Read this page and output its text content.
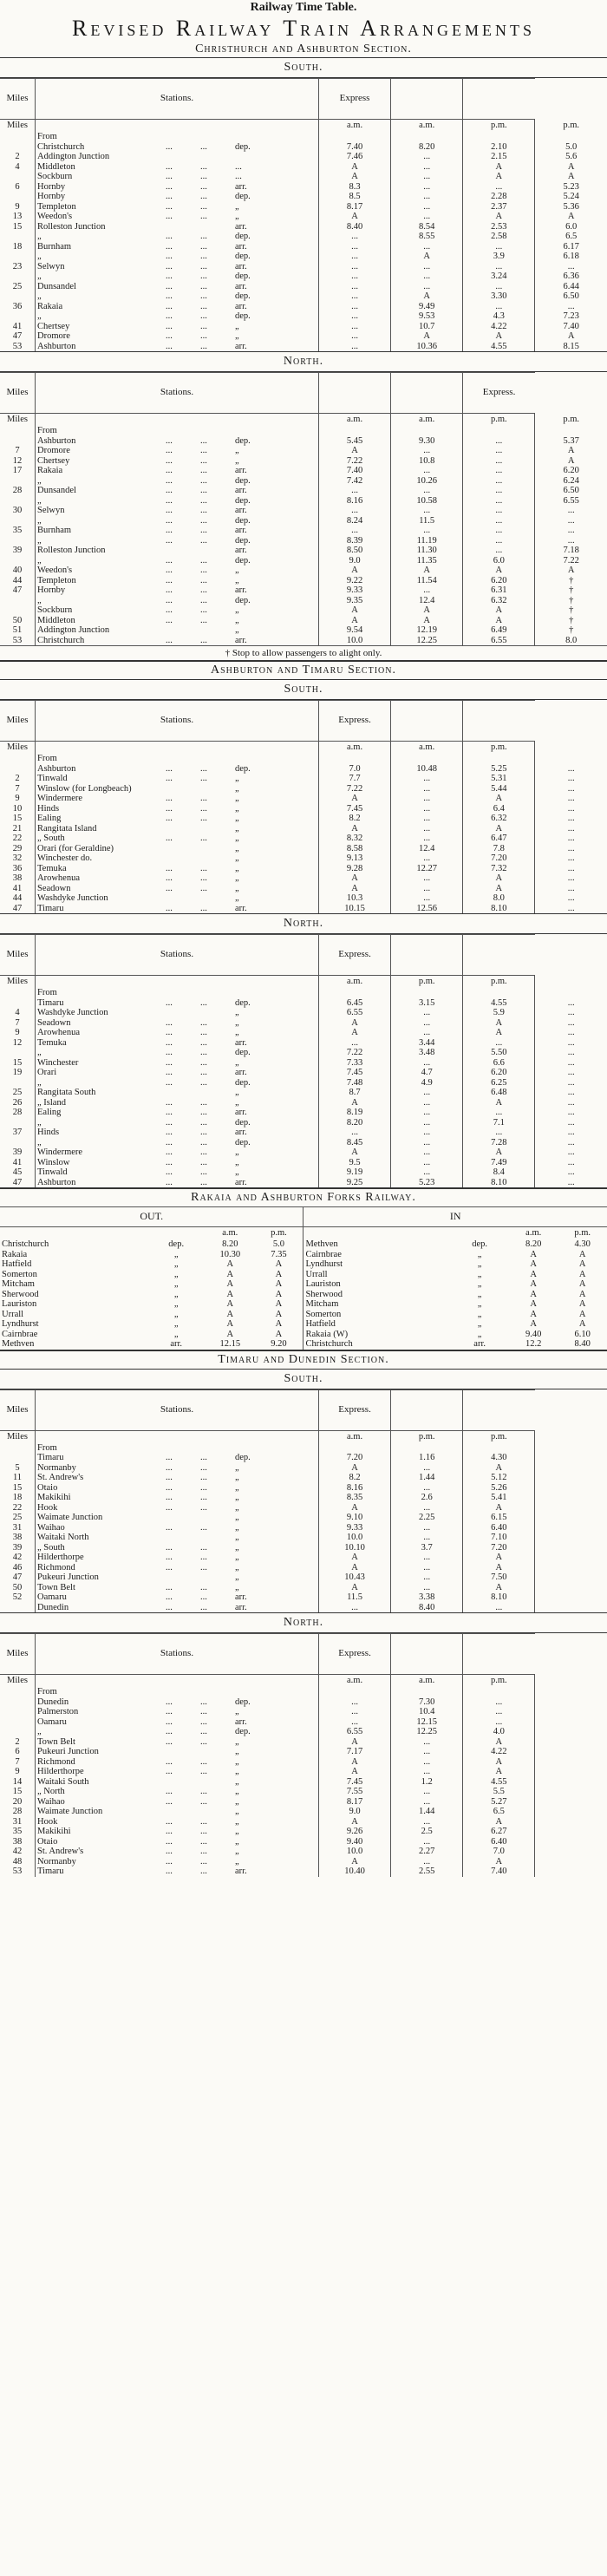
Railway Time Table.
Revised Railway Train Arrangements
Christhurch and Ashburton Section.
South.
Miles	Stations.	Express			
Miles		a.m.	a.m.	p.m.	p.m.

	From				

	Christchurch ... ... dep.	7.40	8.20	2.10	5.0
2	Addington Junction	7.46	...	2.15	5.6
4	Middleton ... ... ...	A	...	A	A

	Sockburn ... ... ...	A	...	A	A
6	Hornby ... ... arr.	8.3	...	...	5.23

	Hornby ... ... dep.	8.5	...	2.28	5.24
9	Templeton ... ... „	8.17	...	2.37	5.36
13	Weedon's ... ... „	A	...	A	A
15	Rolleston Junction arr.	8.40	8.54	2.53	6.0

	„ ... ... dep.	...	8.55	2.58	6.5
18	Burnham ... ... arr.	...	...	...	6.17

	„ ... ... dep.	...	A	3.9	6.18
23	Selwyn ... ... arr.	...	...	...	...

	„ ... ... dep.	...	...	3.24	6.36
25	Dunsandel ... ... arr.	...	...	...	6.44

	„ ... ... dep.	...	A	3.30	6.50
36	Rakaia ... ... arr.	...	9.49	...	...

	„ ... ... dep.	...	9.53	4.3	7.23
41	Chertsey ... ... „	...	10.7	4.22	7.40
47	Dromore ... ... „	...	A	A	A
53	Ashburton ... ... arr.	...	10.36	4.55	8.15
North.
Miles	Stations.			Express.	
Miles		a.m.	a.m.	p.m.	p.m.

	From				

	Ashburton ... ... dep.	5.45	9.30	...	5.37
7	Dromore ... ... „	A	...	...	A
12	Chertsey ... ... „	7.22	10.8	...	A
17	Rakaia ... ... arr.	7.40	...	...	6.20

	„ ... ... dep.	7.42	10.26	...	6.24
28	Dunsandel ... ... arr.	...	...	...	6.50

	„ ... ... dep.	8.16	10.58	...	6.55
30	Selwyn ... ... arr.	...	...	...	...

	„ ... ... dep.	8.24	11.5	...	...
35	Burnham ... ... arr.	...	...	...	...

	„ ... ... dep.	8.39	11.19	...	...
39	Rolleston Junction arr.	8.50	11.30	...	7.18

	„ ... ... dep.	9.0	11.35	6.0	7.22
40	Weedon's ... ... „	A	A	A	A
44	Templeton ... ... „	9.22	11.54	6.20	†
47	Hornby ... ... arr.	9.33	...	6.31	†

	„ ... ... dep.	9.35	12.4	6.32	†

	Sockburn ... ... „	A	A	A	†
50	Middleton ... ... „	A	A	A	†
51	Addington Junction „	9.54	12.19	6.49	†
53	Christchurch ... ... arr.	10.0	12.25	6.55	8.0
† Stop to allow passengers to alight only.
Ashburton and Timaru Section.
South.
Miles	Stations.	Express.			
Miles		a.m.	a.m.	p.m.	

	From				

	Ashburton ... ... dep.	7.0	10.48	5.25	...
2	Tinwald ... ... „	7.7	...	5.31	...
7	Winslow (for Longbeach) „	7.22	...	5.44	...
9	Windermere ... ... „	A	...	A	...
10	Hinds ... ... „	7.45	...	6.4	...
15	Ealing ... ... „	8.2	...	6.32	...
21	Rangitata Island „	A	...	A	...
22	„ South ... ... „	8.32	...	6.47	...
29	Orari (for Geraldine) „	8.58	12.4	7.8	...
32	Winchester do. „	9.13	...	7.20	...
36	Temuka ... ... „	9.28	12.27	7.32	...
38	Arowhenua ... ... „	A	...	A	...
41	Seadown ... ... „	A	...	A	...
44	Washdyke Junction „	10.3	...	8.0	...
47	Timaru ... ... arr.	10.15	12.56	8.10	...
North.
Miles	Stations.	Express.			
Miles		a.m.	p.m.	p.m.	

	From				

	Timaru ... ... dep.	6.45	3.15	4.55	...
4	Washdyke Junction „	6.55	...	5.9	...
7	Seadown ... ... „	A	...	A	...
9	Arowhenua ... ... „	A	...	A	...
12	Temuka ... ... arr.	...	3.44	...	...

	„ ... ... dep.	7.22	3.48	5.50	...
15	Winchester ... ... „	7.33	...	6.6	...
19	Orari ... ... arr.	7.45	4.7	6.20	...

	„ ... ... dep.	7.48	4.9	6.25	...
25	Rangitata South „	8.7	...	6.48	...
26	„ Island ... ... „	A	...	A	...
28	Ealing ... ... arr.	8.19	...	...	...

	„ ... ... dep.	8.20	...	7.1	...
37	Hinds ... ... arr.	...	...	...	...

	„ ... ... dep.	8.45	...	7.28	...
39	Windermere ... ... „	A	...	A	...
41	Winslow ... ... „	9.5	...	7.49	...
45	Tinwald ... ... „	9.19	...	8.4	...
47	Ashburton ... ... arr.	9.25	5.23	8.10	...
Rakaia and Ashburton Forks Railway.
OUT.				IN			
		a.m.	p.m.			a.m.	p.m.
Christchurch	dep.	8.20	5.0	Methven	dep.	8.20	4.30
Rakaia	„	10.30	7.35	Cairnbrae	„	A	A
Hatfield	„	A	A	Lyndhurst	„	A	A
Somerton	„	A	A	Urrall	„	A	A
Mitcham	„	A	A	Lauriston	„	A	A
Sherwood	„	A	A	Sherwood	„	A	A
Lauriston	„	A	A	Mitcham	„	A	A
Urrall	„	A	A	Somerton	„	A	A
Lyndhurst	„	A	A	Hatfield	„	A	A
Cairnbrae	„	A	A	Rakaia (W)	„	9.40	6.10
Methven	arr.	12.15	9.20	Christchurch	arr.	12.2	8.40
Timaru and Dunedin Section.
South.
Miles	Stations.	Express.			
Miles		a.m.	p.m.	p.m.	

	From				

	Timaru ... ... dep.	7.20	1.16	4.30	
5	Normanby ... ... „	A	...	A	
11	St. Andrew's ... ... „	8.2	1.44	5.12	
15	Otaio ... ... „	8.16	...	5.26	
18	Makikihi ... ... „	8.35	2.6	5.41	
22	Hook ... ... „	A	...	A	
25	Waimate Junction „	9.10	2.25	6.15	
31	Waihao ... ... „	9.33	...	6.40	
38	Waitaki North „	10.0	...	7.10	
39	„ South ... ... „	10.10	3.7	7.20	
42	Hilderthorpe ... ... „	A	...	A	
46	Richmond ... ... „	A	...	A	
47	Pukeuri Junction „	10.43	...	7.50	
50	Town Belt ... ... „	A	...	A	
52	Oamaru ... ... arr.	11.5	3.38	8.10	

	Dunedin ... ... arr.	...	8.40	...	
North.
Miles	Stations.	Express.			
Miles		a.m.	a.m.	p.m.	

	From				

	Dunedin ... ... dep.	...	7.30	...	

	Palmerston ... ... „	...	10.4	...	

	Oamaru ... ... arr.	...	12.15	...	

	„ ... ... dep.	6.55	12.25	4.0	
2	Town Belt ... ... „	A	...	A	
6	Pukeuri Junction „	7.17	...	4.22	
7	Richmond ... ... „	A	...	A	
9	Hilderthorpe ... ... „	A	...	A	
14	Waitaki South „	7.45	1.2	4.55	
15	„ North ... ... „	7.55	...	5.5	
20	Waihao ... ... „	8.17	...	5.27	
28	Waimate Junction „	9.0	1.44	6.5	
31	Hook ... ... „	A	...	A	
35	Makikihi ... ... „	9.26	2.5	6.27	
38	Otaio ... ... „	9.40	...	6.40	
42	St. Andrew's ... ... „	10.0	2.27	7.0	
48	Normanby ... ... „	A	...	A	
53	Timaru ... ... arr.	10.40	2.55	7.40	
